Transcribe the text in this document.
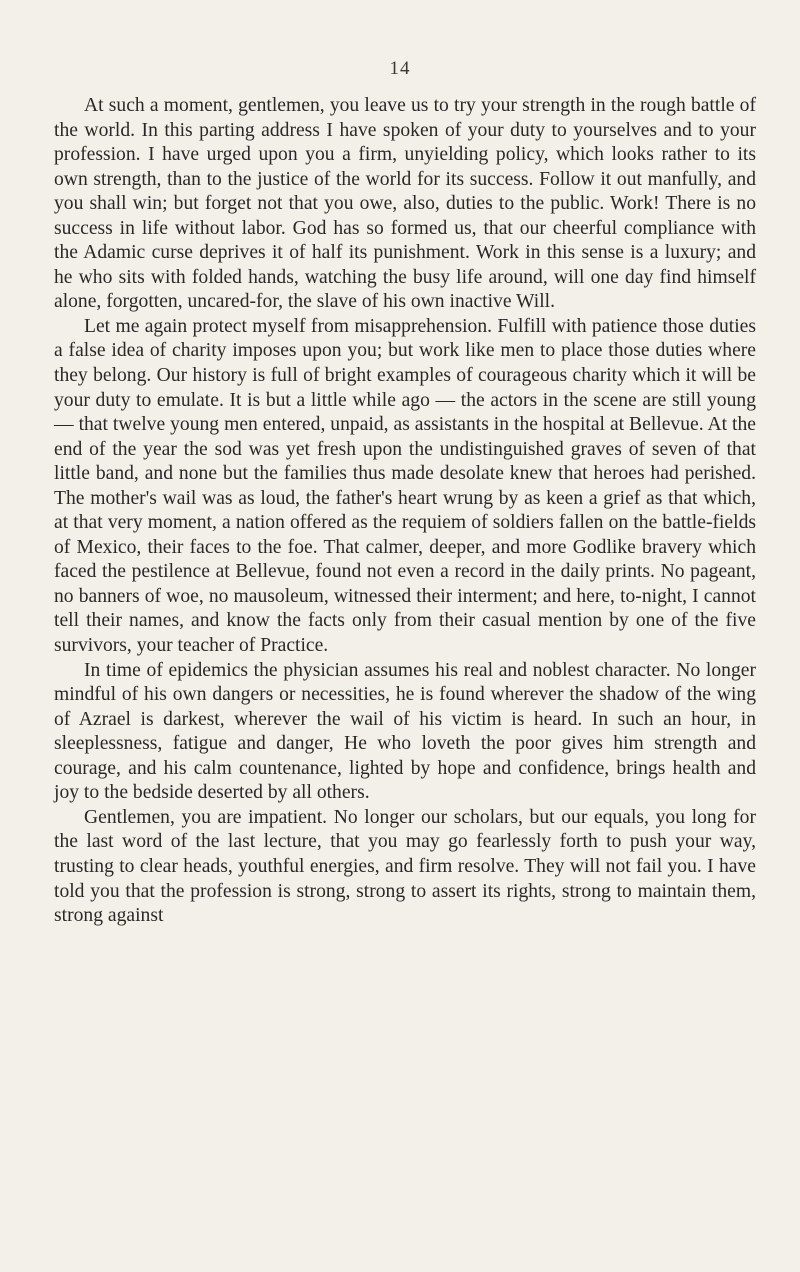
14

At such a moment, gentlemen, you leave us to try your strength in the rough battle of the world. In this parting address I have spoken of your duty to yourselves and to your profession. I have urged upon you a firm, unyielding policy, which looks rather to its own strength, than to the justice of the world for its success. Follow it out manfully, and you shall win; but forget not that you owe, also, duties to the public. Work! There is no success in life without labor. God has so formed us, that our cheerful compliance with the Adamic curse deprives it of half its punishment. Work in this sense is a luxury; and he who sits with folded hands, watching the busy life around, will one day find himself alone, forgotten, uncared-for, the slave of his own inactive Will.

Let me again protect myself from misapprehension. Fulfill with patience those duties a false idea of charity imposes upon you; but work like men to place those duties where they belong. Our history is full of bright examples of courageous charity which it will be your duty to emulate. It is but a little while ago — the actors in the scene are still young — that twelve young men entered, unpaid, as assistants in the hospital at Bellevue. At the end of the year the sod was yet fresh upon the undistinguished graves of seven of that little band, and none but the families thus made desolate knew that heroes had perished. The mother's wail was as loud, the father's heart wrung by as keen a grief as that which, at that very moment, a nation offered as the requiem of soldiers fallen on the battle-fields of Mexico, their faces to the foe. That calmer, deeper, and more Godlike bravery which faced the pestilence at Bellevue, found not even a record in the daily prints. No pageant, no banners of woe, no mausoleum, witnessed their interment; and here, to-night, I cannot tell their names, and know the facts only from their casual mention by one of the five survivors, your teacher of Practice.

In time of epidemics the physician assumes his real and noblest character. No longer mindful of his own dangers or necessities, he is found wherever the shadow of the wing of Azrael is darkest, wherever the wail of his victim is heard. In such an hour, in sleeplessness, fatigue and danger, He who loveth the poor gives him strength and courage, and his calm countenance, lighted by hope and confidence, brings health and joy to the bedside deserted by all others.

Gentlemen, you are impatient. No longer our scholars, but our equals, you long for the last word of the last lecture, that you may go fearlessly forth to push your way, trusting to clear heads, youthful energies, and firm resolve. They will not fail you. I have told you that the profession is strong, strong to assert its rights, strong to maintain them, strong against
